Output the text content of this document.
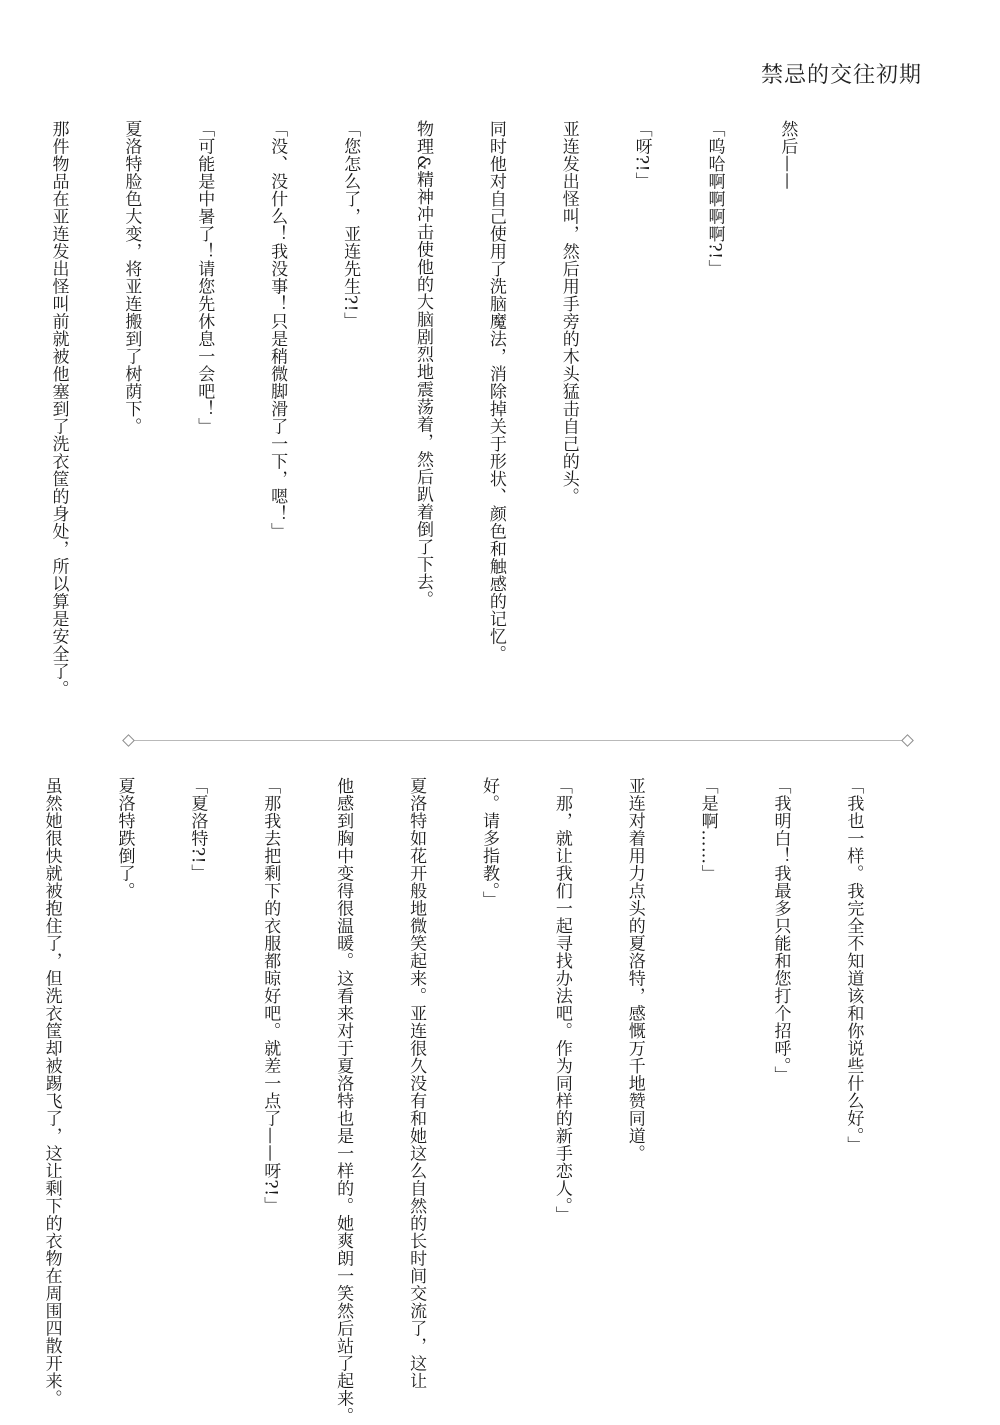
禁忌的交往初期

然后——

「呜哈啊啊啊啊?!」

「呀?!」

亚连发出怪叫，然后用手旁的木头猛击自己的头。

同时他对自己使用了洗脑魔法，消除掉关于形状、颜色和触感的记忆。

物理&精神冲击使他的大脑剧烈地震荡着，然后趴着倒了下去。

「您怎么了，亚连先生?!」

「没、没什么！我没事！只是稍微脚滑了一下，嗯！」

「可能是中暑了！请您先休息一会吧！」

夏洛特脸色大变，将亚连搬到了树荫下。

那件物品在亚连发出怪叫前就被他塞到了洗衣筐的身处，所以算是安全了。

「我也一样。我完全不知道该和你说些什么好。」

「我明白！我最多只能和您打个招呼。」

「是啊……」

亚连对着用力点头的夏洛特，感慨万千地赞同道。

「那，就让我们一起寻找办法吧。作为同样的新手恋人。」

好。请多指教。」

夏洛特如花开般地微笑起来。亚连很久没有和她这么自然的长时间交流了，这让

他感到胸中变得很温暖。这看来对于夏洛特也是一样的。她爽朗一笑然后站了起来。

「那我去把剩下的衣服都晾好吧。就差一点了——呀?!」

「夏洛特?!」

夏洛特跌倒了。

虽然她很快就被抱住了，但洗衣筐却被踢飞了，这让剩下的衣物在周围四散开来。
